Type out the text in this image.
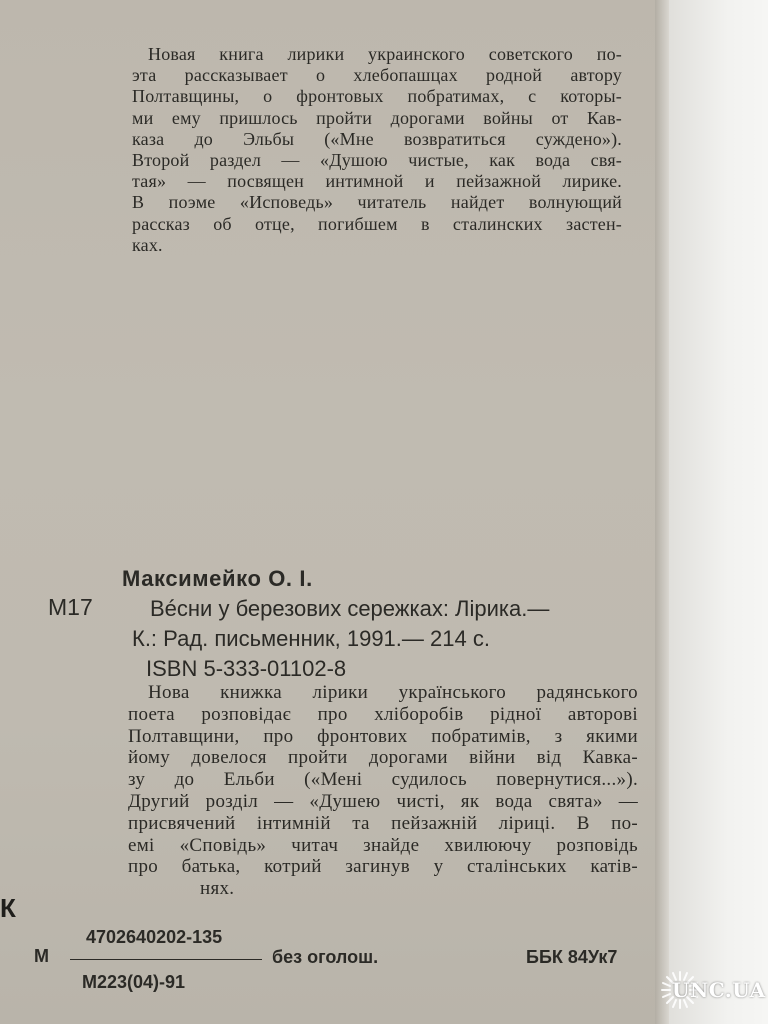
Новая книга лирики украинского советского по-
эта рассказывает о хлебопашцах родной автору
Полтавщины, о фронтовых побратимах, с которы-
ми ему пришлось пройти дорогами войны от Кав-
каза до Эльбы («Мне возвратиться суждено»).
Второй раздел — «Душою чистые, как вода свя-
тая» — посвящен интимной и пейзажной лирике.
В поэме «Исповедь» читатель найдет волнующий
рассказ об отце, погибшем в сталинских застен-
ках.
Максимейко О. І.
М17	Вéсни у березових сережках: Лірика.—
К.: Рад. письменник, 1991.— 214 с.
ISBN 5-333-01102-8
Нова книжка лірики українського радянського
поета розповідає про хліборобів рідної авторові
Полтавщини, про фронтових побратимів, з якими
йому довелося пройти дорогами війни від Кавка-
зу до Ельби («Мені судилось повернутися...»).
Другий розділ — «Душею чисті, як вода свята» —
присвячений інтимній та пейзажній ліриці. В по-
емі «Сповідь» читач знайде хвилюючу розповідь
про батька, котрий загинув у сталінських катів-
нях.
К
4702640202-135
М
М223(04)-91
без оголош.	ББК 84Ук7
UNC.UA
